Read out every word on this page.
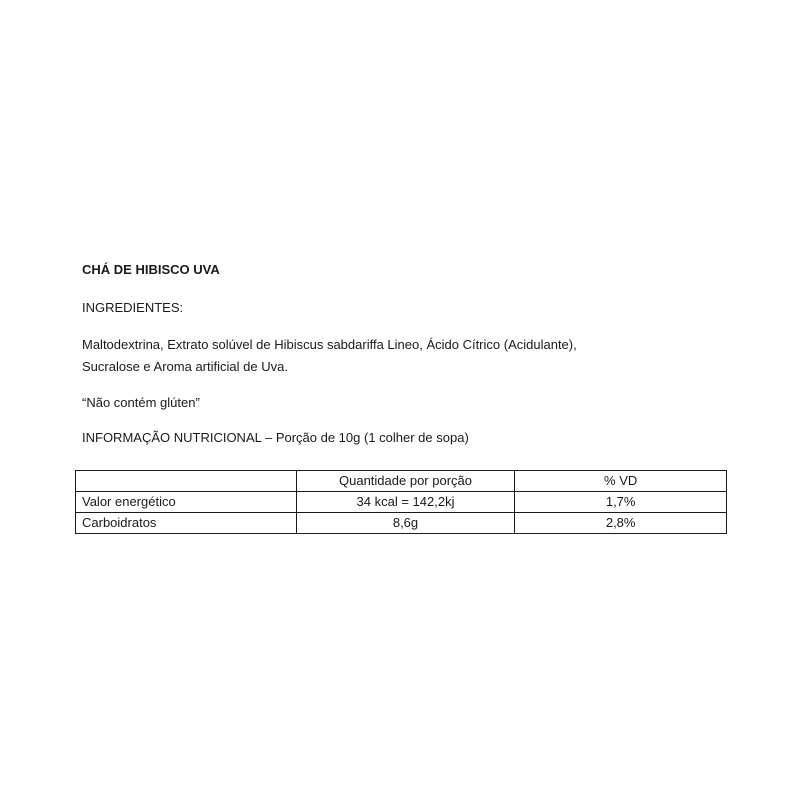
CHÁ DE HIBISCO UVA

INGREDIENTES:

Maltodextrina, Extrato solúvel de Hibiscus sabdariffa Lineo, Ácido Cítrico (Acidulante),
Sucralose e Aroma artificial de Uva.

“Não contém glúten”

INFORMAÇÃO NUTRICIONAL – Porção de 10g (1 colher de sopa)

	Quantidade por porção	% VD
Valor energético	34 kcal = 142,2kj	1,7%
Carboidratos	8,6g	2,8%
